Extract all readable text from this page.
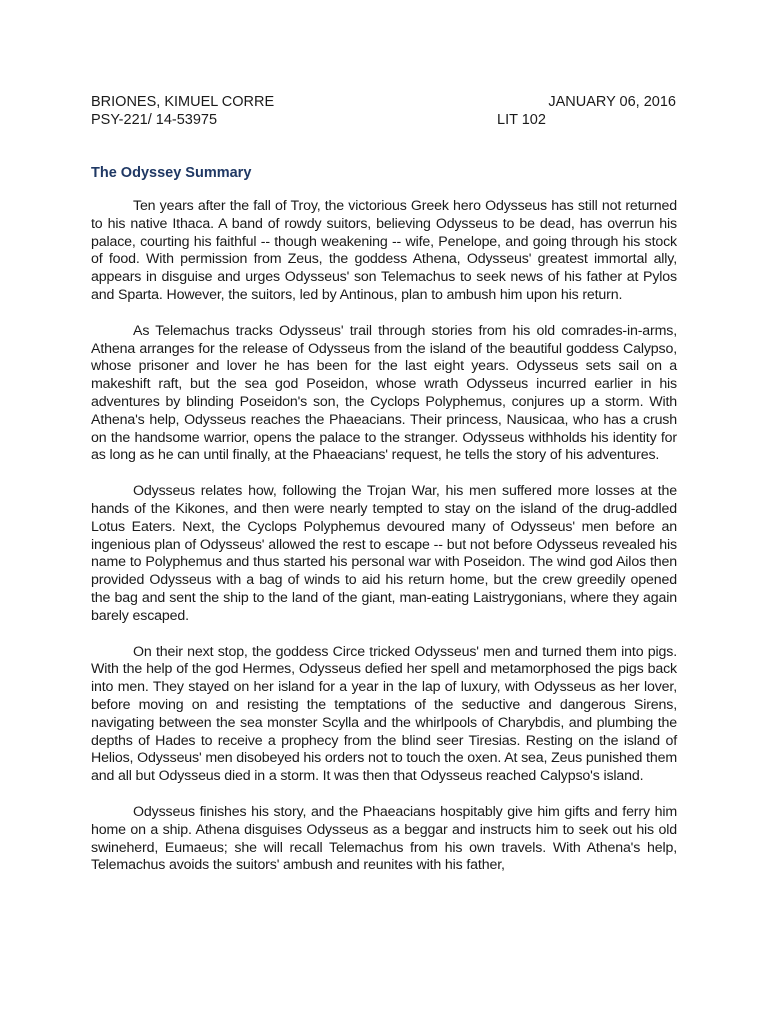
BRIONES, KIMUEL CORRE	JANUARY 06, 2016
PSY-221/ 14-53975	LIT 102
The Odyssey Summary

Ten years after the fall of Troy, the victorious Greek hero Odysseus has still not returned to his native Ithaca. A band of rowdy suitors, believing Odysseus to be dead, has overrun his palace, courting his faithful -- though weakening -- wife, Penelope, and going through his stock of food. With permission from Zeus, the goddess Athena, Odysseus' greatest immortal ally, appears in disguise and urges Odysseus' son Telemachus to seek news of his father at Pylos and Sparta. However, the suitors, led by Antinous, plan to ambush him upon his return.

As Telemachus tracks Odysseus' trail through stories from his old comrades-in-arms, Athena arranges for the release of Odysseus from the island of the beautiful goddess Calypso, whose prisoner and lover he has been for the last eight years. Odysseus sets sail on a makeshift raft, but the sea god Poseidon, whose wrath Odysseus incurred earlier in his adventures by blinding Poseidon's son, the Cyclops Polyphemus, conjures up a storm. With Athena's help, Odysseus reaches the Phaeacians. Their princess, Nausicaa, who has a crush on the handsome warrior, opens the palace to the stranger. Odysseus withholds his identity for as long as he can until finally, at the Phaeacians' request, he tells the story of his adventures.

Odysseus relates how, following the Trojan War, his men suffered more losses at the hands of the Kikones, and then were nearly tempted to stay on the island of the drug-addled Lotus Eaters. Next, the Cyclops Polyphemus devoured many of Odysseus' men before an ingenious plan of Odysseus' allowed the rest to escape -- but not before Odysseus revealed his name to Polyphemus and thus started his personal war with Poseidon. The wind god Ailos then provided Odysseus with a bag of winds to aid his return home, but the crew greedily opened the bag and sent the ship to the land of the giant, man-eating Laistrygonians, where they again barely escaped.

On their next stop, the goddess Circe tricked Odysseus' men and turned them into pigs. With the help of the god Hermes, Odysseus defied her spell and metamorphosed the pigs back into men. They stayed on her island for a year in the lap of luxury, with Odysseus as her lover, before moving on and resisting the temptations of the seductive and dangerous Sirens, navigating between the sea monster Scylla and the whirlpools of Charybdis, and plumbing the depths of Hades to receive a prophecy from the blind seer Tiresias. Resting on the island of Helios, Odysseus' men disobeyed his orders not to touch the oxen. At sea, Zeus punished them and all but Odysseus died in a storm. It was then that Odysseus reached Calypso's island.

Odysseus finishes his story, and the Phaeacians hospitably give him gifts and ferry him home on a ship. Athena disguises Odysseus as a beggar and instructs him to seek out his old swineherd, Eumaeus; she will recall Telemachus from his own travels. With Athena's help, Telemachus avoids the suitors' ambush and reunites with his father,
